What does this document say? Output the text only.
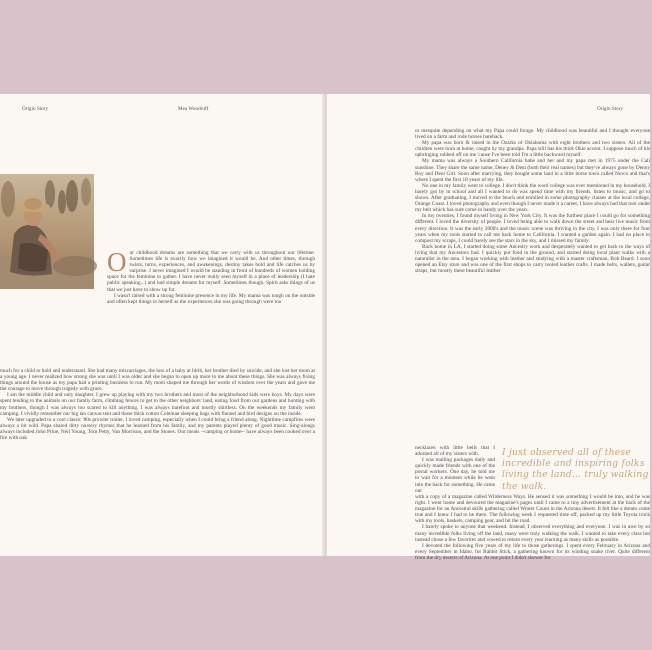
Origin Story	Mea Woodruff
O ur childhood dreams are something that we carry with us throughout our lifetime. Sometimes life is exactly how we imagined it would be. And other times, through twists, turns, experiences, and awakenings, destiny takes hold and life catches us by surprise. I never imagined I would be standing in front of hundreds of women holding space for the feminine to gather. I have never really seen myself in a place of leadership (I hate public speaking...) and had simple dreams for myself. Sometimes though, Spirit asks things of us that we just have to show up for.

I wasn't raised with a strong feminine presence in my life. My mama was tough on the outside and often kept things to herself as the experiences she was going through were too

much for a child to hold and understand. She had many miscarriages, the loss of a baby at birth, her brother died by suicide, and she lost her mom at a young age. I never realized how strong she was until I was older and she began to open up more to me about these things. She was always fixing things around the house as my papa had a printing business to run. My mom shaped me through her words of wisdom over the years and gave me the courage to move through tragedy with grace.

I am the middle child and only daughter. I grew up playing with my two brothers and most of the neighborhood kids were boys. My days were spent tending to the animals on our family farm, climbing fences to get to the other neighbors' land, eating food from our gardens and hunting with my brothers, though I was always too scared to kill anything. I was always barefoot and mostly shirtless. On the weekends my family went camping. I vividly remember our big tan canvas tent and those thick cotton Coleman sleeping bags with flannel and bird designs on the inside.

We later upgraded to a cool classic '80s prowler trailer. I loved camping, especially when I could bring a friend along. Nighttime campfires were always a bit wild. Papa shared dirty nursery rhymes that he learned from his family, and my parents played plenty of good music. Sing-alongs always included John Prine, Neil Young, Tom Petty, Van Morrison, and the Stones. Our meals --camping or home-- have always been cooked over a fire with oak

Origin Story

or mesquite depending on what my Papa could forage. My childhood was beautiful and I thought everyone lived on a farm and rode horses bareback.

My papa was born & raised in the Ozarks of Oklahoma with eight brothers and two sisters. All of the children were born at home, caught by my grandpa. Papa still has his thick Okie accent. I suppose much of his upbringing rubbed off on me 'cause I've been told I'm a little backward myself.

My mama was always a Southern California babe and her and my papa met in 1975 under the Cali sunshine. They share the same name, Deney & Deni (both their real names) but they've always gone by Denny Boy and Deni Girl. Soon after marrying, they bought some land in a little horse town called Norco and that's where I spent the first 18 years of my life.

No one in my family went to college. I don't think the word college was ever mentioned in my household. I barely got by in school and all I wanted to do was spend time with my friends, listen to music, and go to shows. After graduating, I moved to the beach and enrolled in some photography classes at the local college, Orange Coast. I loved photography and even though I never made it a career, I have always had that tool under my belt which has sure come in handy over the years.

In my twenties, I found myself living in New York City. It was the furthest place I could go for something different. I loved the diversity of people. I loved being able to walk down the street and hear live music from every direction. It was the early 2000's and the music scene was thriving in the city. I was only there for four years when my roots started to call me back home to California. I wanted a garden again. I had no place to compost my scraps, I could barely see the stars in the sky, and I missed my family.

Back home in LA, I started doing some Ancestry work and desperately wanted to get back to the ways of living that my Ancestors had. I quickly put food in the ground, and started doing local plant walks with a naturalist in the area. I began working with leather and studying with a master craftsman, Bob Beard. I soon opened an Etsy store and was one of the first shops to carry tooled leather crafts. I made belts, wallets, guitar straps, but mostly these beautiful leather

necklaces with little bells that I adorned all of my sisters with.

I was mailing packages daily and quickly made friends with one of the postal workers. One day, he told me to wait for a moment while he went into the back for something. He came out

I just observed all of these incredible and inspiring folks living the land... truly walking the walk.

with a copy of a magazine called Wilderness Ways. He sensed it was something I would be into, and he was right. I went home and devoured the magazine's pages until I came to a tiny advertisement at the back of the magazine for an Ancestral skills gathering called Winter Count in the Arizona desert. It felt like a dream come true and I knew I had to be there. The following week I requested time off, packed up my little Toyota truck with my tools, baskets, camping gear, and hit the road.

I barely spoke to anyone that weekend. Instead, I observed everything and everyone. I was in awe by so many incredible folks living off the land, many were truly walking the walk. I wanted to take every class but instead chose a few favorites and vowed to return every year learning as many skills as possible.

I devoted the following five years of my life to those gatherings. I spent every February in Arizona and every September in Idaho, for Rabbit Stick, a gathering known for its winding snake river. Quite different from the dry deserts of Arizona. At one point I didn't shower for
